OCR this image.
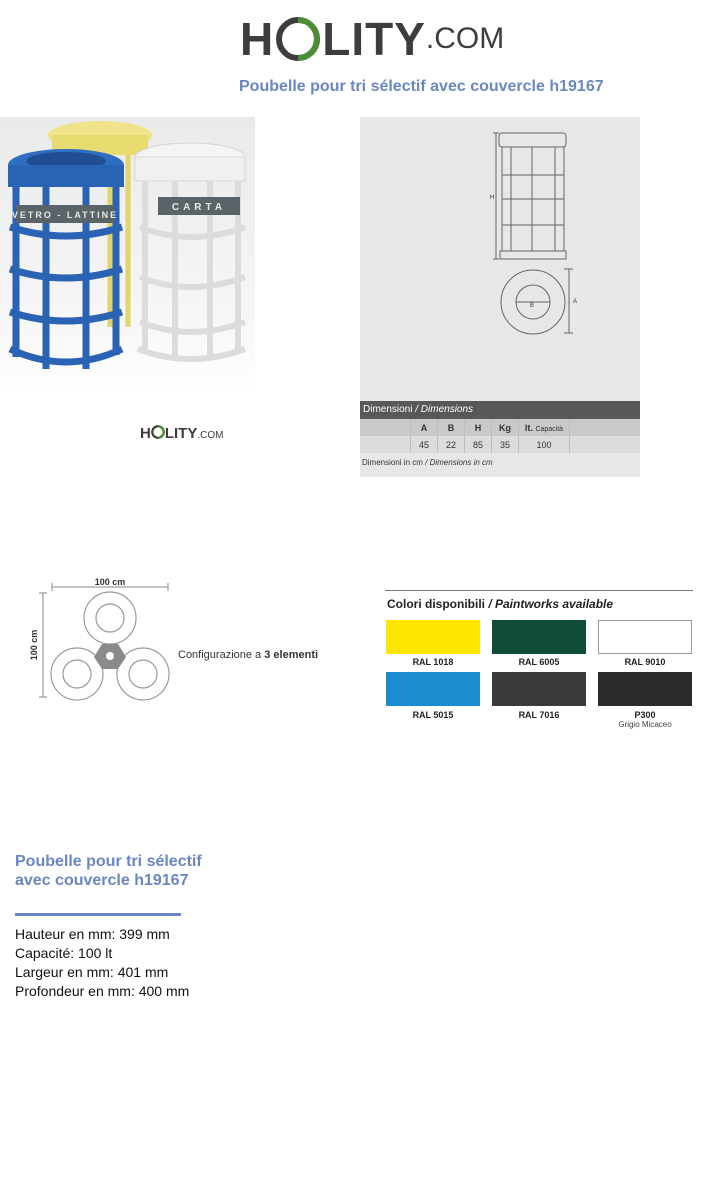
H LITY.COM
Poubelle pour tri sélectif avec couvercle h19167
CARTA
VETRO - LATTINE
H LITY.COM
H
A
B
Dimensioni / Dimensions
	A	B	H	Kg	lt. Capacità	
	45	22	85	35	100	
Dimensioni in cm / Dimensions in cm
100 cm
100 cm	Configurazione a 3 elementi
Colori disponibili / Paintworks available
RAL 1018	RAL 6005	RAL 9010
RAL 5015	RAL 7016	P300
Grigio Micaceo
Poubelle pour tri sélectif avec couvercle h19167
Hauteur en mm: 399 mm
Capacité: 100 lt
Largeur en mm: 401 mm
Profondeur en mm: 400 mm
